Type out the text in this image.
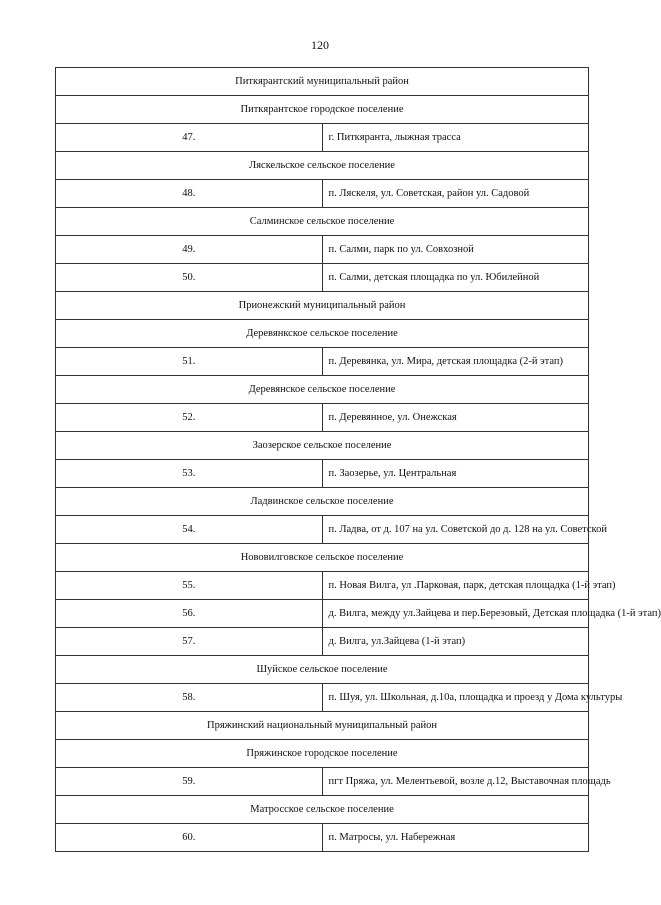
120
Питкярантский муниципальный район	
Питкярантское городское поселение	
47.	г. Питкяранта, лыжная трасса
Ляскельское сельское поселение	
48.	п. Ляскеля, ул. Советская, район ул. Садовой
Салминское сельское поселение	
49.	п. Салми, парк по ул. Совхозной
50.	п. Салми, детская площадка по ул. Юбилейной
Прионежский муниципальный район	
Деревянкское сельское поселение	
51.	п. Деревянка, ул. Мира, детская площадка (2-й этап)
Деревянское сельское поселение	
52.	п. Деревянное, ул. Онежская
Заозерское сельское поселение	
53.	п. Заозерье, ул. Центральная
Ладвинское сельское поселение	
54.	п. Ладва, от д. 107 на ул. Советской до д. 128 на ул. Советской
Нововилговское сельское поселение	
55.	п. Новая Вилга, ул .Парковая, парк, детская площадка (1-й этап)
56.	д. Вилга, между ул.Зайцева и пер.Березовый, Детская площадка (1-й этап)
57.	д. Вилга, ул.Зайцева (1-й этап)
Шуйское сельское поселение	
58.	п. Шуя, ул. Школьная, д.10а, площадка и проезд у Дома культуры
Пряжинский национальный муниципальный район	
Пряжинское городское поселение	
59.	пгт Пряжа, ул. Мелентьевой, возле д.12, Выставочная площадь
Матросское сельское поселение	
60.	п. Матросы, ул. Набережная
